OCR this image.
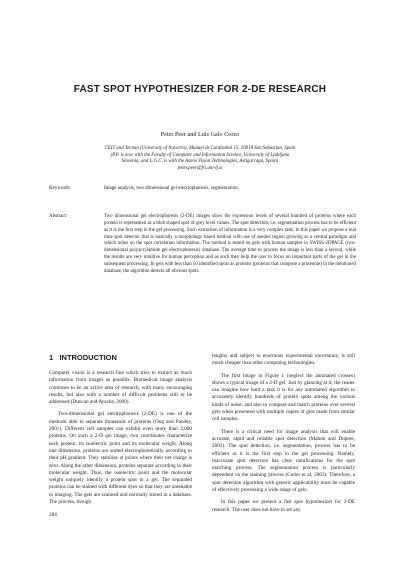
FAST SPOT HYPOTHESIZER FOR 2-DE RESEARCH
Peter Peer and Luis Galo Corzo
CEIT and Tecnun (University of Navarra), Manuel de Lardizabal 15, 20018 San Sebastian, Spain
(P.P. is now with the Faculty of Computer and Information Science, University of Ljubljana
Slovenia, and L.G.C. is with the Asteis Vision Technologies, Astigarraga, Spain)
peter.peer@fri.uni-lj.si
Keywords:	Image analysis, two dimensional gel electrophoresis, segmentation.
Abstract:	Two dimensional gel electrophoresis (2-DE) images show the expression levels of several hundred of proteins where each protein is represented as a blob shaped spot of grey level values. The spot detection, i.e. segmentation process has to be efficient as it is the first step in the gel processing. Such extraction of information is a very complex task. In this paper we propose a real time spot detector that is basically a morphology based method with use of seeded region growing as a central paradigm and which relies on the spot correlation information. The method is tested on gels with human samples in SWISS-2DPAGE (two-dimensional polyacrylamide gel electrophoresis) database. The average time to process the image is less than a second, while the results are very intuitive for human perception and as such they help the user to focus on important parts of the gel in the subsequent processing. In gels with less than 50 identified spots as proteins (proteins that compose a proteome) in the mentioned database, the algorithm detects all obvious spots.
1 INTRODUCTION

Computer vision is a research line which tries to extract as much information from images as possible. Biomedical image analysis continues to be an active area of research, with many encouraging results, but also with a number of difficult problems still to be addressed (Duncan and Ayache, 2000).

Two-dimensional gel electrophoresis (2-DE) is one of the methods able to separate thousands of proteins (Ong and Pandey, 2001). Different cell samples can exhibit even more than 2,000 proteins. On such a 2-D gel image, two coordinates characterize each protein: its isoelectric point and its molecular weight. Along one dimension, proteins are sorted electrophoretically according to their pH gradient. They stabilize at points where their net charge is zero. Along the other dimension, proteins separate according to their molecular weight. Thus, the isoelectric point and the molecular weight uniquely identify a protein spot in a gel. The separated proteins can be stained with different dyes so that they are amenable to imaging. The gels are scanned and normally stored in a database. The process, though

lengthy and subject to enormous experimental uncertainty, is still much cheaper than other computing technologies.

The first image in Figure 1 (neglect the annotated crosses) shows a typical image of a 2-D gel. Just by glancing at it, the reader can imagine how hard a task it is for any automated algorithm to accurately identify hundreds of protein spots among the various kinds of noise, and also to compare and match proteins over several gels when presented with multiple copies of gels made from similar cell samples.

There is a critical need for image analysis that will enable accurate, rapid and reliable spot detection (Mahon and Dupree, 2001). The spot detection, i.e. segmentation, process has to be efficient as it is the first step in the gel processing. Namely, inaccurate spot detection has clear ramifications for the spot matching process. The segmentation process is particularly dependent on the staining process (Cutler et al, 2003). Therefore, a spot detection algorithm with generic applicability must be capable of effectively processing a wide range of gels.

In this paper we present a fast spot hypothesizer for 2-DE research. The user does not have to set any

284
